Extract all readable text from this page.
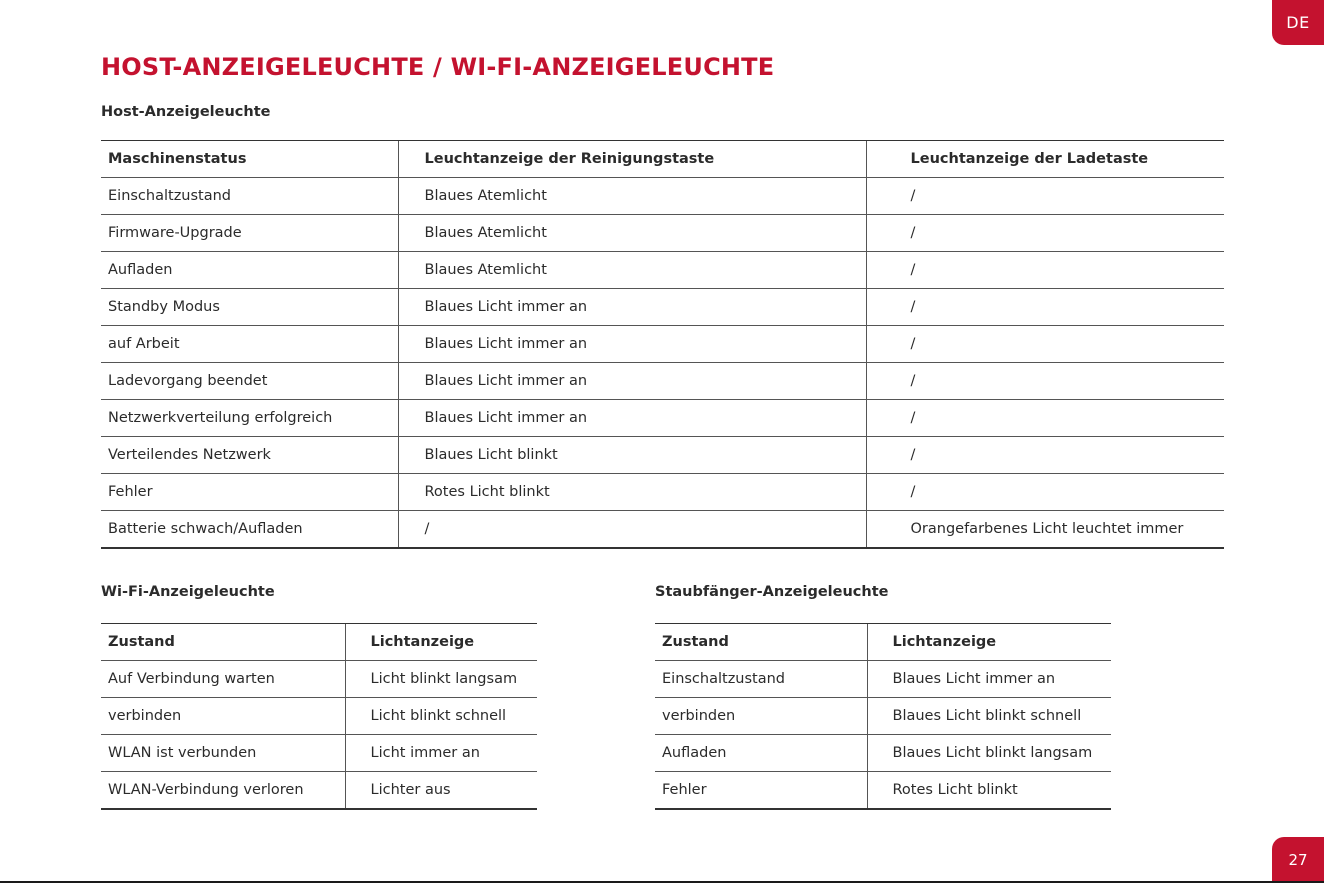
DE
HOST-ANZEIGELEUCHTE / WI-FI-ANZEIGELEUCHTE
Host-Anzeigeleuchte
Maschinenstatus	Leuchtanzeige der Reinigungstaste	Leuchtanzeige der Ladetaste
Einschaltzustand	Blaues Atemlicht	/
Firmware-Upgrade	Blaues Atemlicht	/
Aufladen	Blaues Atemlicht	/
Standby Modus	Blaues Licht immer an	/
auf Arbeit	Blaues Licht immer an	/
Ladevorgang beendet	Blaues Licht immer an	/
Netzwerkverteilung erfolgreich	Blaues Licht immer an	/
Verteilendes Netzwerk	Blaues Licht blinkt	/
Fehler	Rotes Licht blinkt	/
Batterie schwach/Aufladen	/	Orangefarbenes Licht leuchtet immer
Wi-Fi-Anzeigeleuchte
Zustand	Lichtanzeige
Auf Verbindung warten	Licht blinkt langsam
verbinden	Licht blinkt schnell
WLAN ist verbunden	Licht immer an
WLAN-Verbindung verloren	Lichter aus
Staubfänger-Anzeigeleuchte
Zustand	Lichtanzeige
Einschaltzustand	Blaues Licht immer an
verbinden	Blaues Licht blinkt schnell
Aufladen	Blaues Licht blinkt langsam
Fehler	Rotes Licht blinkt
27
